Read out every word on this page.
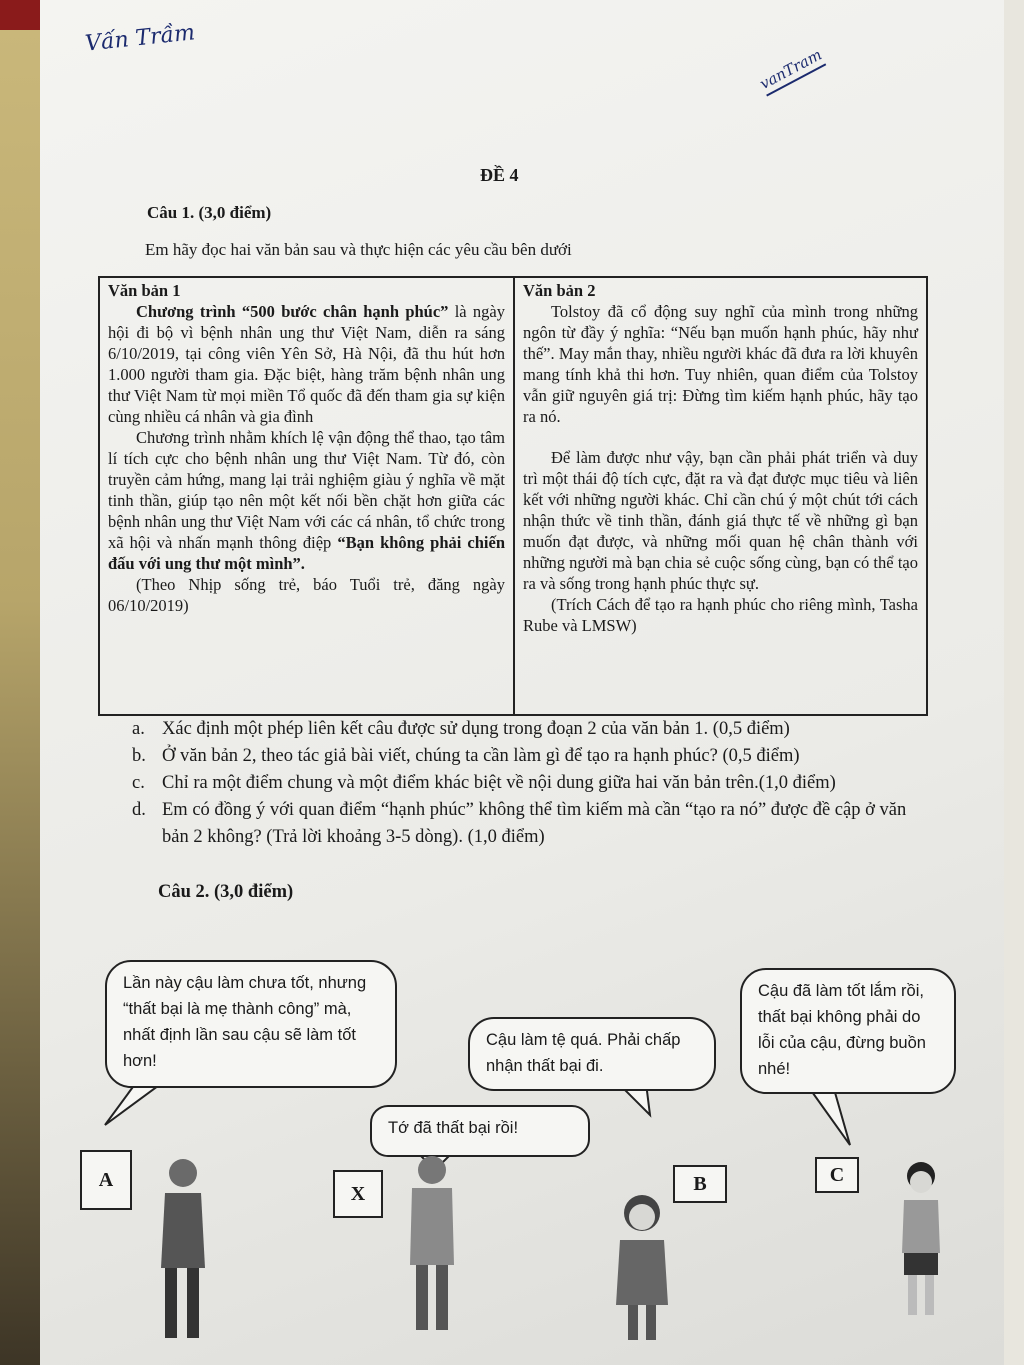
Vấn Trầm
vanTram
ĐỀ 4
Câu 1. (3,0 điểm)
Em hãy đọc hai văn bản sau và thực hiện các yêu cầu bên dưới
Văn bản 1

Chương trình “500 bước chân hạnh phúc” là ngày hội đi bộ vì bệnh nhân ung thư Việt Nam, diễn ra sáng 6/10/2019, tại công viên Yên Sở, Hà Nội, đã thu hút hơn 1.000 người tham gia. Đặc biệt, hàng trăm bệnh nhân ung thư Việt Nam từ mọi miền Tổ quốc đã đến tham gia sự kiện cùng nhiều cá nhân và gia đình

Chương trình nhằm khích lệ vận động thể thao, tạo tâm lí tích cực cho bệnh nhân ung thư Việt Nam. Từ đó, còn truyền cảm hứng, mang lại trải nghiệm giàu ý nghĩa về mặt tinh thần, giúp tạo nên một kết nối bền chặt hơn giữa các bệnh nhân ung thư Việt Nam với các cá nhân, tổ chức trong xã hội và nhấn mạnh thông điệp “Bạn không phải chiến đấu với ung thư một mình”.

(Theo Nhịp sống trẻ, báo Tuổi trẻ, đăng ngày 06/10/2019)

Văn bản 2

Tolstoy đã cổ động suy nghĩ của mình trong những ngôn từ đầy ý nghĩa: “Nếu bạn muốn hạnh phúc, hãy như thế”. May mắn thay, nhiều người khác đã đưa ra lời khuyên mang tính khả thi hơn. Tuy nhiên, quan điểm của Tolstoy vẫn giữ nguyên giá trị: Đừng tìm kiếm hạnh phúc, hãy tạo ra nó.

Để làm được như vậy, bạn cần phải phát triển và duy trì một thái độ tích cực, đặt ra và đạt được mục tiêu và liên kết với những người khác. Chỉ cần chú ý một chút tới cách nhận thức về tinh thần, đánh giá thực tế về những gì bạn muốn đạt được, và những mối quan hệ chân thành với những người mà bạn chia sẻ cuộc sống cùng, bạn có thể tạo ra và sống trong hạnh phúc thực sự.

(Trích Cách để tạo ra hạnh phúc cho riêng mình, Tasha Rube và LMSW)

a. Xác định một phép liên kết câu được sử dụng trong đoạn 2 của văn bản 1. (0,5 điểm)
b. Ở văn bản 2, theo tác giả bài viết, chúng ta cần làm gì để tạo ra hạnh phúc? (0,5 điểm)
c. Chỉ ra một điểm chung và một điểm khác biệt về nội dung giữa hai văn bản trên.(1,0 điểm)
d. Em có đồng ý với quan điểm “hạnh phúc” không thể tìm kiếm mà cần “tạo ra nó” được đề cập ở văn bản 2 không? (Trả lời khoảng 3-5 dòng). (1,0 điểm)
Câu 2. (3,0 điểm)
Lần này cậu làm chưa tốt, nhưng “thất bại là mẹ thành công” mà, nhất định lần sau cậu sẽ làm tốt hơn!
Cậu làm tệ quá. Phải chấp nhận thất bại đi.
Tớ đã thất bại rồi!
Cậu đã làm tốt lắm rồi, thất bại không phải do lỗi của cậu, đừng buồn nhé!
A
X	B	C
